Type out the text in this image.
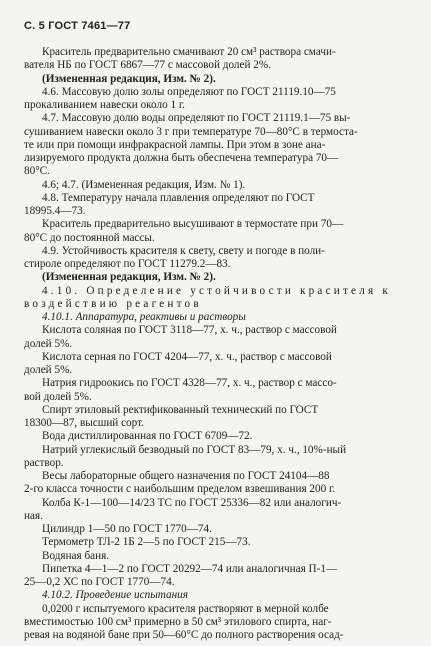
С. 5 ГОСТ 7461—77

Краситель предварительно смачивают 20 см³ раствора смачи-

вателя НБ по ГОСТ 6867—77 с массовой долей 2%.

(Измененная редакция, Изм. № 2).

4.6. Массовую долю золы определяют по ГОСТ 21119.10—75

прокаливанием навески около 1 г.

4.7. Массовую долю воды определяют по ГОСТ 21119.1—75 вы-

сушиванием навески около 3 г при температуре 70—80°С в термоста-

те или при помощи инфракрасной лампы. При этом в зоне ана-

лизируемого продукта должна быть обеспечена температура 70—

80°С.

4.6; 4.7. (Измененная редакция, Изм. № 1).

4.8. Температуру начала плавления определяют по ГОСТ

18995.4—73.

Краситель предварительно высушивают в термостате при 70—

80°С до постоянной массы.

4.9. Устойчивость красителя к свету, свету и погоде в поли-

стироле определяют по ГОСТ 11279.2—83.

(Измененная редакция, Изм. № 2).

4.10. Определение устойчивости красителя к

воздействию реагентов

4.10.1. Аппаратура, реактивы и растворы

Кислота соляная по ГОСТ 3118—77, х. ч., раствор с массовой

долей 5%.

Кислота серная по ГОСТ 4204—77, х. ч., раствор с массовой

долей 5%.

Натрия гидроокись по ГОСТ 4328—77, х. ч., раствор с массо-

вой долей 5%.

Спирт этиловый ректификованный технический по ГОСТ

18300—87, высший сорт.

Вода дистиллированная по ГОСТ 6709—72.

Натрий углекислый безводный по ГОСТ 83—79, х. ч., 10%-ный

раствор.

Весы лабораторные общего назначения по ГОСТ 24104—88

2-го класса точности с наибольшим пределом взвешивания 200 г.

Колба К-1—100—14/23 ТС по ГОСТ 25336—82 или аналогич-

ная.

Цилиндр 1—50 по ГОСТ 1770—74.

Термометр ТЛ-2 1Б 2—5 по ГОСТ 215—73.

Водяная баня.

Пипетка 4—1—2 по ГОСТ 20292—74 или аналогичная П-1—

25—0,2 ХС по ГОСТ 1770—74.

4.10.2. Проведение испытания

0,0200 г испытуемого красителя растворяют в мерной колбе

вместимостью 100 см³ примерно в 50 см³ этилового спирта, наг-

ревая на водяной бане при 50—60°С до полного растворения осад-
